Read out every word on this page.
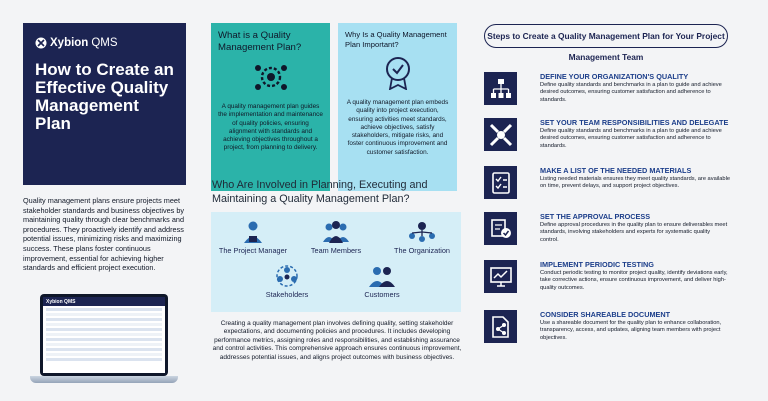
Xybion QMS
How to Create an Effective Quality Management Plan

Quality management plans ensure projects meet stakeholder standards and business objectives by maintaining quality through clear benchmarks and procedures. They proactively identify and address potential issues, minimizing risks and maximizing success. These plans foster continuous improvement, essential for achieving higher standards and efficient project execution.

Xybion QMS
What is a Quality Management Plan?
A quality management plan guides the implementation and maintenance of quality policies, ensuring alignment with standards and achieving objectives throughout a project, from planning to delivery.
Why Is a Quality Management Plan Important?
A quality management plan embeds quality into project execution, ensuring activities meet standards, achieve objectives, satisfy stakeholders, mitigate risks, and foster continuous improvement and customer satisfaction.
Who Are Involved in Planning, Executing and Maintaining a Quality Management Plan?
The Project Manager	Team Members	The Organization
Stakeholders	Customers

Creating a quality management plan involves defining quality, setting stakeholder expectations, and documenting policies and procedures. It includes developing performance metrics, assigning roles and responsibilities, and establishing assurance and control activities. This comprehensive approach ensures continuous improvement, addresses potential issues, and aligns project outcomes with business objectives.

Steps to Create a Quality Management Plan for Your Project Management Team
DEFINE YOUR ORGANIZATION'S QUALITY
Define quality standards and benchmarks in a plan to guide and achieve desired outcomes, ensuring customer satisfaction and adherence to standards.
SET YOUR TEAM RESPONSIBILITIES AND DELEGATE
Define quality standards and benchmarks in a plan to guide and achieve desired outcomes, ensuring customer satisfaction and adherence to standards.
MAKE A LIST OF THE NEEDED MATERIALS
Listing needed materials ensures they meet quality standards, are available on time, prevent delays, and support project objectives.
SET THE APPROVAL PROCESS
Define approval procedures in the quality plan to ensure deliverables meet standards, involving stakeholders and experts for systematic quality control.
IMPLEMENT PERIODIC TESTING
Conduct periodic testing to monitor project quality, identify deviations early, take corrective actions, ensure continuous improvement, and deliver high-quality outcomes.
CONSIDER SHAREABLE DOCUMENT
Use a shareable document for the quality plan to enhance collaboration, transparency, access, and updates, aligning team members with project objectives.
